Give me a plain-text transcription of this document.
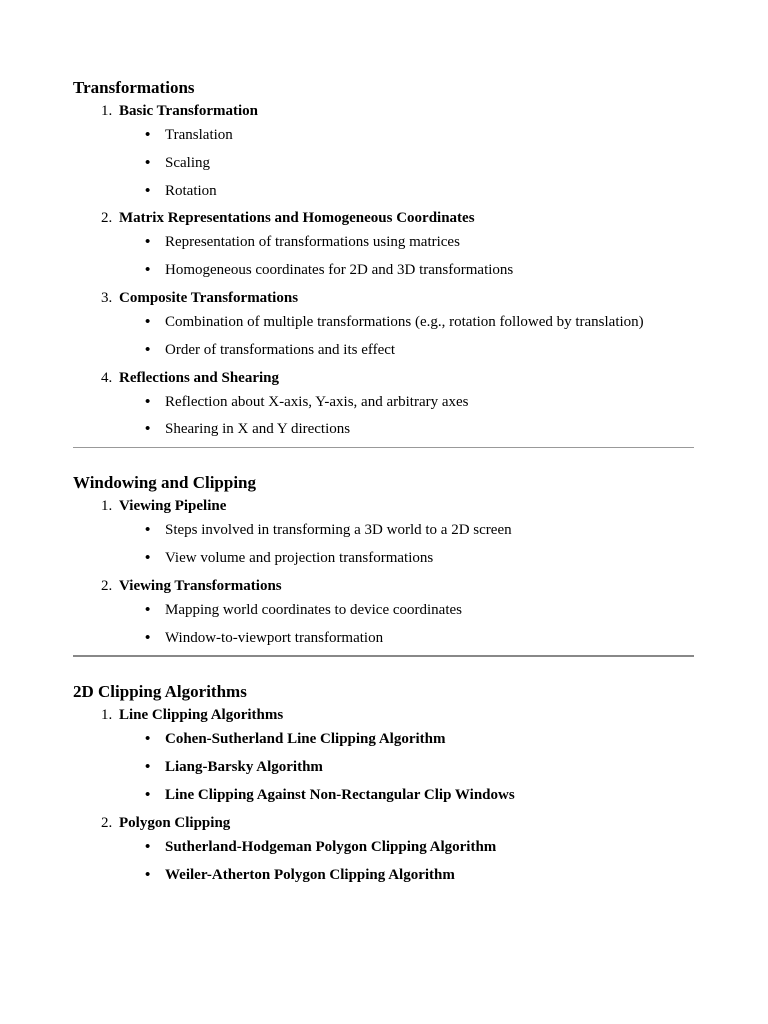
Transformations
1. Basic Transformation
• Translation
• Scaling
• Rotation
2. Matrix Representations and Homogeneous Coordinates
• Representation of transformations using matrices
• Homogeneous coordinates for 2D and 3D transformations
3. Composite Transformations
• Combination of multiple transformations (e.g., rotation followed by translation)
• Order of transformations and its effect
4. Reflections and Shearing
• Reflection about X-axis, Y-axis, and arbitrary axes
• Shearing in X and Y directions
Windowing and Clipping
1. Viewing Pipeline
• Steps involved in transforming a 3D world to a 2D screen
• View volume and projection transformations
2. Viewing Transformations
• Mapping world coordinates to device coordinates
• Window-to-viewport transformation
2D Clipping Algorithms
1. Line Clipping Algorithms
• Cohen-Sutherland Line Clipping Algorithm
• Liang-Barsky Algorithm
• Line Clipping Against Non-Rectangular Clip Windows
2. Polygon Clipping
• Sutherland-Hodgeman Polygon Clipping Algorithm
• Weiler-Atherton Polygon Clipping Algorithm
